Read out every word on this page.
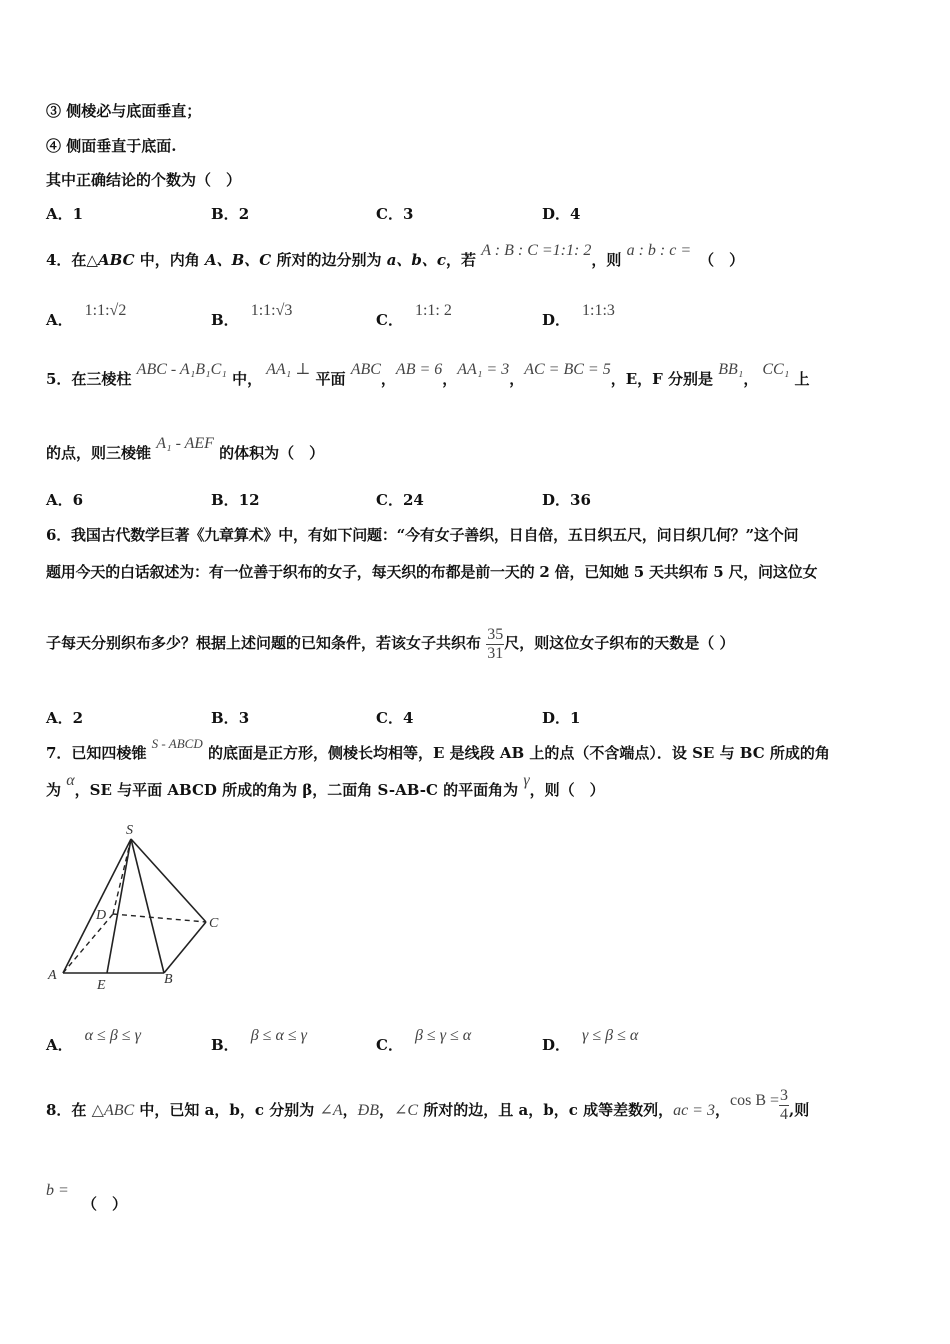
③ 侧棱必与底面垂直；
④ 侧面垂直于底面.
其中正确结论的个数为（　）
A．1	B．2	C．3	D．4
4．在△ABC 中，内角 A、B、C 所对的边分别为 a、b、c，若 A : B : C =1:1: 2，则 a : b : c =（　）
A．1:1:√2
B．1:1:√3
C．1:1: 2
D．1:1:3
5．在三棱柱 ABC - A₁B₁C₁ 中，AA₁ ⊥ 平面 ABC，AB = 6，AA₁ = 3，AC = BC = 5，E，F 分别是 BB₁，CC₁ 上
的点，则三棱锥 A₁ - AEF 的体积为（　）
A．6	B．12	C．24	D．36
6．我国古代数学巨著《九章算术》中，有如下问题：“今有女子善织，日自倍，五日织五尺，问日织几何？”这个问
题用今天的白话叙述为：有一位善于织布的女子，每天织的布都是前一天的 2 倍，已知她 5 天共织布 5 尺，问这位女
子每天分别织布多少？根据上述问题的已知条件，若该女子共织布 $\frac{35}{31}$ 尺，则这位女子织布的天数是（ ）
A．2	B．3	C．4	D．1
7．已知四棱锥 S - ABCD 的底面是正方形，侧棱长均相等，E 是线段 AB 上的点（不含端点）．设 SE 与 BC 所成的角
为 α，SE 与平面 ABCD 所成的角为 β，二面角 S-AB-C 的平面角为 γ，则（　）
S
D
C
A
E	B
A．α ≤ β ≤ γ
B．β ≤ α ≤ γ
C．β ≤ γ ≤ α
D．γ ≤ β ≤ α
8．在 △ABC 中，已知 a，b，c 分别为 ∠A，ÐB，∠C 所对的边，且 a，b，c 成等差数列，ac = 3，$\cos B = \frac{3}{4}$ ,则
b =
（　）
